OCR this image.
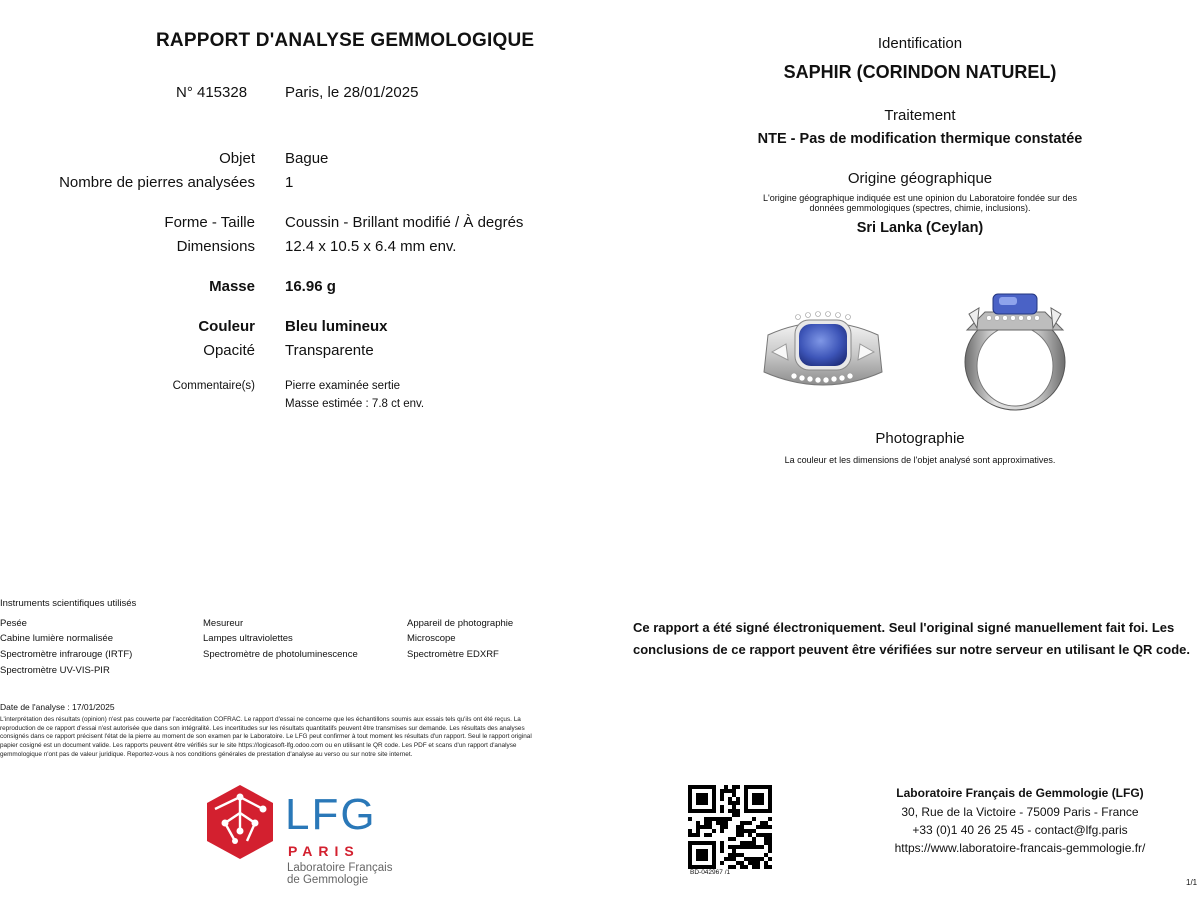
RAPPORT D'ANALYSE GEMMOLOGIQUE
N° 415328	Paris, le 28/01/2025
Objet Bague
Nombre de pierres analysées 1
Forme - Taille Coussin - Brillant modifié / À degrés
Dimensions 12.4 x 10.5 x 6.4 mm env.
Masse 16.96 g
Couleur Bleu lumineux
Opacité Transparente
Commentaire(s)	Pierre examinée sertie
Masse estimée : 7.8 ct env.
Identification
SAPHIR (CORINDON NATUREL)
Traitement
NTE - Pas de modification thermique constatée
Origine géographique
L'origine géographique indiquée est une opinion du Laboratoire fondée sur des
données gemmologiques (spectres, chimie, inclusions).
Sri Lanka (Ceylan)
Photographie
La couleur et les dimensions de l'objet analysé sont approximatives.
Instruments scientifiques utilisés
Pesée
Cabine lumière normalisée
Spectromètre infrarouge (IRTF)
Spectromètre UV-VIS-PIR
Mesureur
Lampes ultraviolettes
Spectromètre de photoluminescence
Appareil de photographie
Microscope
Spectromètre EDXRF
Date de l'analyse : 17/01/2025
L'interprétation des résultats (opinion) n'est pas couverte par l'accréditation COFRAC. Le rapport d'essai ne concerne que les échantillons soumis aux essais tels qu'ils ont été reçus. La
reproduction de ce rapport d'essai n'est autorisée que dans son intégralité. Les incertitudes sur les résultats quantitatifs peuvent être transmises sur demande. Les résultats des analyses
consignés dans ce rapport précisent l'état de la pierre au moment de son examen par le Laboratoire. Le LFG peut confirmer à tout moment les résultats d'un rapport. Seul le rapport original
papier cosigné est un document valide. Les rapports peuvent être vérifiés sur le site https://logicasoft-lfg.odoo.com ou en utilisant le QR code. Les PDF et scans d'un rapport d'analyse
gemmologique n'ont pas de valeur juridique. Reportez-vous à nos conditions générales de prestation d'analyse au verso ou sur notre site internet.
Ce rapport a été signé électroniquement. Seul l'original signé manuellement fait foi. Les conclusions de ce rapport peuvent être vérifiées sur notre serveur en utilisant le QR code.
LFG
PARIS
Laboratoire Français
de Gemmologie
BD-042967 /1
Laboratoire Français de Gemmologie (LFG)
30, Rue de la Victoire - 75009 Paris - France
+33 (0)1 40 26 25 45 - contact@lfg.paris
https://www.laboratoire-francais-gemmologie.fr/
1/1
